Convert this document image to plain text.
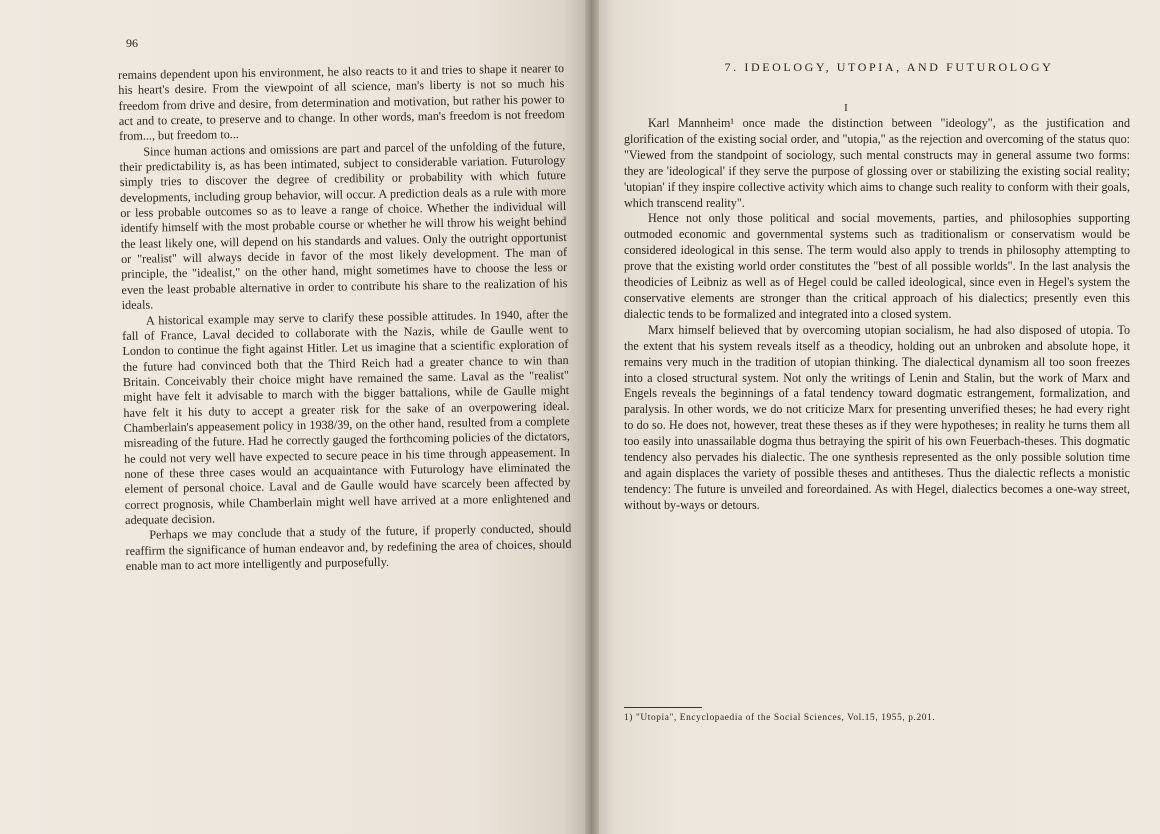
96

remains dependent upon his environment, he also reacts to it and tries to shape it nearer to his heart's desire. From the viewpoint of all science, man's liberty is not so much his freedom from drive and desire, from determination and motivation, but rather his power to act and to create, to preserve and to change. In other words, man's freedom is not freedom from..., but freedom to...

Since human actions and omissions are part and parcel of the unfolding of the future, their predictability is, as has been intimated, subject to considerable variation. Futurology simply tries to discover the degree of credibility or probability with which future developments, including group behavior, will occur. A prediction deals as a rule with more or less probable outcomes so as to leave a range of choice. Whether the individual will identify himself with the most probable course or whether he will throw his weight behind the least likely one, will depend on his standards and values. Only the outright opportunist or "realist" will always decide in favor of the most likely development. The man of principle, the "idealist," on the other hand, might sometimes have to choose the less or even the least probable alternative in order to contribute his share to the realization of his ideals.

A historical example may serve to clarify these possible attitudes. In 1940, after the fall of France, Laval decided to collaborate with the Nazis, while de Gaulle went to London to continue the fight against Hitler. Let us imagine that a scientific exploration of the future had convinced both that the Third Reich had a greater chance to win than Britain. Conceivably their choice might have remained the same. Laval as the "realist" might have felt it advisable to march with the bigger battalions, while de Gaulle might have felt it his duty to accept a greater risk for the sake of an overpowering ideal. Chamberlain's appeasement policy in 1938/39, on the other hand, resulted from a complete misreading of the future. Had he correctly gauged the forthcoming policies of the dictators, he could not very well have expected to secure peace in his time through appeasement. In none of these three cases would an acquaintance with Futurology have eliminated the element of personal choice. Laval and de Gaulle would have scarcely been affected by correct prognosis, while Chamberlain might well have arrived at a more enlightened and adequate decision.

Perhaps we may conclude that a study of the future, if properly conducted, should reaffirm the significance of human endeavor and, by redefining the area of choices, should enable man to act more intelligently and purposefully.

7. IDEOLOGY, UTOPIA, AND FUTUROLOGY
I

Karl Mannheim¹ once made the distinction between "ideology", as the justification and glorification of the existing social order, and "utopia," as the rejection and overcoming of the status quo: "Viewed from the standpoint of sociology, such mental constructs may in general assume two forms: they are 'ideological' if they serve the purpose of glossing over or stabilizing the existing social reality; 'utopian' if they inspire collective activity which aims to change such reality to conform with their goals, which transcend reality".

Hence not only those political and social movements, parties, and philosophies supporting outmoded economic and governmental systems such as traditionalism or conservatism would be considered ideological in this sense. The term would also apply to trends in philosophy attempting to prove that the existing world order constitutes the "best of all possible worlds". In the last analysis the theodicies of Leibniz as well as of Hegel could be called ideological, since even in Hegel's system the conservative elements are stronger than the critical approach of his dialectics; presently even this dialectic tends to be formalized and integrated into a closed system.

Marx himself believed that by overcoming utopian socialism, he had also disposed of utopia. To the extent that his system reveals itself as a theodicy, holding out an unbroken and absolute hope, it remains very much in the tradition of utopian thinking. The dialectical dynamism all too soon freezes into a closed structural system. Not only the writings of Lenin and Stalin, but the work of Marx and Engels reveals the beginnings of a fatal tendency toward dogmatic estrangement, formalization, and paralysis. In other words, we do not criticize Marx for presenting unverified theses; he had every right to do so. He does not, however, treat these theses as if they were hypotheses; in reality he turns them all too easily into unassailable dogma thus betraying the spirit of his own Feuerbach-theses. This dogmatic tendency also pervades his dialectic. The one synthesis represented as the only possible solution time and again displaces the variety of possible theses and antitheses. Thus the dialectic reflects a monistic tendency: The future is unveiled and foreordained. As with Hegel, dialectics becomes a one-way street, without by-ways or detours.

1) "Utopia", Encyclopaedia of the Social Sciences, Vol.15, 1955, p.201.
